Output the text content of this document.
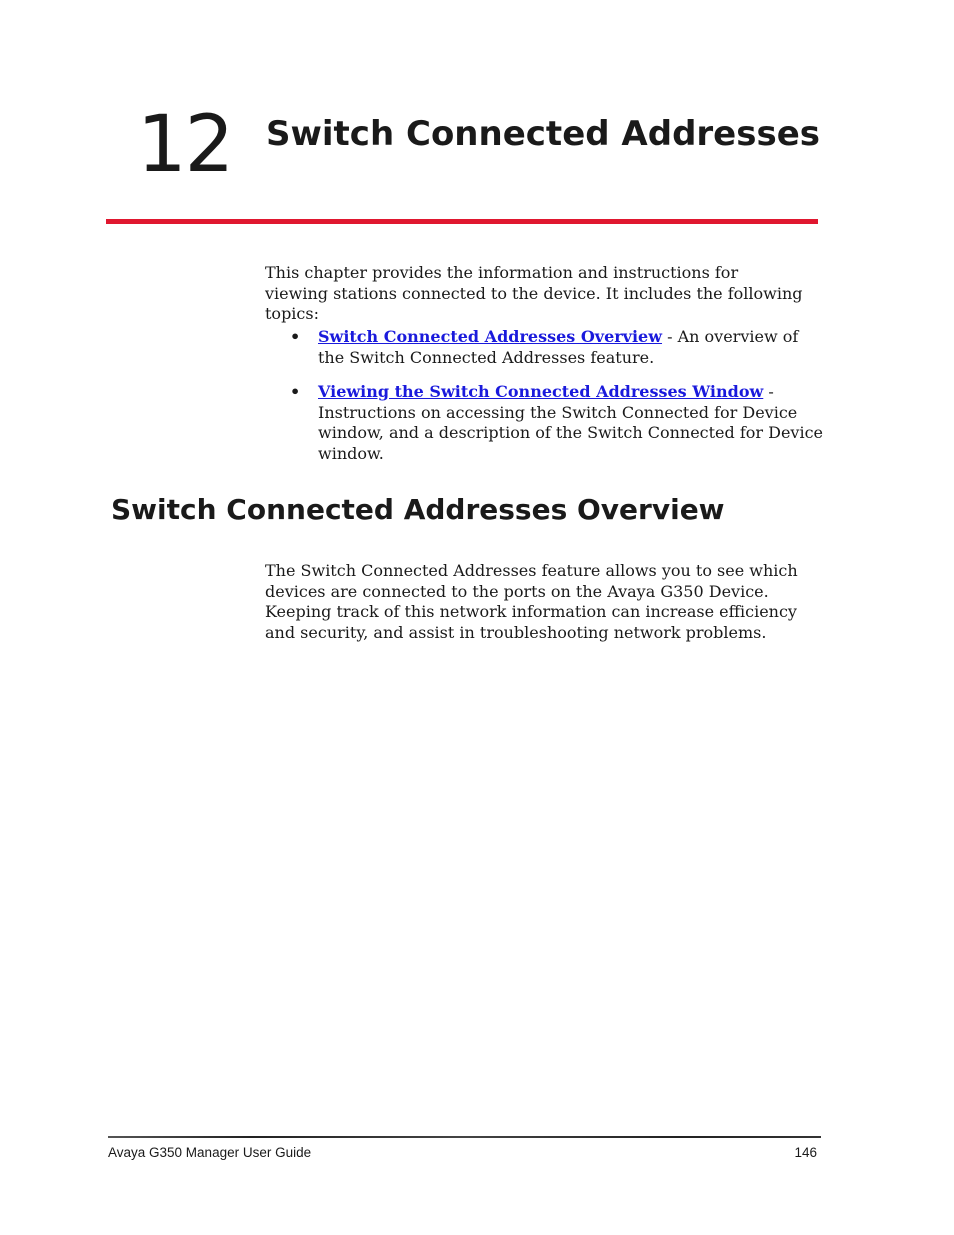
12 Switch Connected Addresses

This chapter provides the information and instructions for viewing stations connected to the device. It includes the following topics:

• Switch Connected Addresses Overview - An overview of the Switch Connected Addresses feature.
• Viewing the Switch Connected Addresses Window - Instructions on accessing the Switch Connected for Device window, and a description of the Switch Connected for Device window.
Switch Connected Addresses Overview

The Switch Connected Addresses feature allows you to see which devices are connected to the ports on the Avaya G350 Device. Keeping track of this network information can increase efficiency and security, and assist in troubleshooting network problems.

Avaya G350 Manager User Guide	146
